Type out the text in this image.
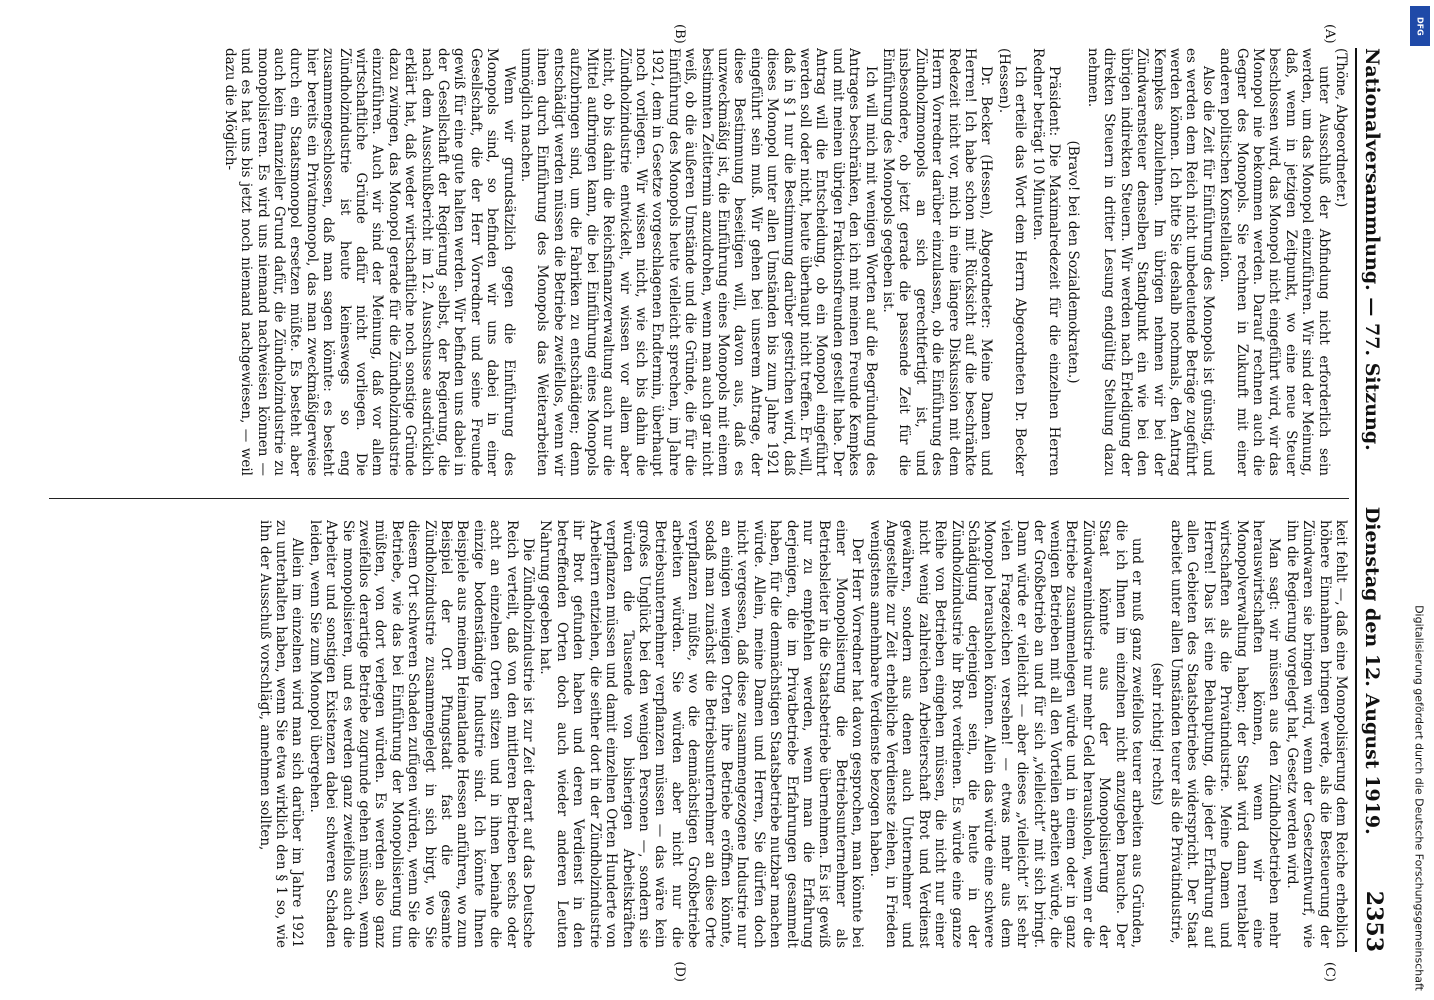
Nationalversammlung. — 77. Sitzung.
Dienstag den 12. August 1919.
2353
(A)
(B)
(C)
(D)

(Thöne, Abgeordneter.)

unter Ausschluß der Abfindung nicht erforderlich sein werden, um das Monopol einzuführen. Wir sind der Meinung, daß, wenn in jetzigen Zeitpunkt, wo eine neue Steuer beschlossen wird, das Monopol nicht eingeführt wird, wir das Monopol nie bekommen werden. Darauf rechnen auch die Gegner des Monopols. Sie rechnen in Zukunft mit einer anderen politischen Konstellation.

Also die Zeit für Einführung des Monopols ist günstig, und es werden dem Reich nicht unbedeutende Beträge zugeführt werden können. Ich bitte Sie deshalb nochmals, den Antrag Kempkes abzulehnen. Im übrigen nehmen wir bei der Zündwarensteuer denselben Standpunkt ein wie bei den übrigen indirekten Steuern. Wir werden nach Erledigung der direkten Steuern in dritter Lesung endgültig Stellung dazu nehmen.

(Bravo! bei den Sozialdemokraten.)

Präsident: Die Maximalredezeit für die einzelnen Herren Redner beträgt 10 Minuten.

Ich erteile das Wort dem Herrn Abgeordneten Dr. Becker (Hessen).

Dr. Becker (Hessen), Abgeordneter: Meine Damen und Herren! Ich habe schon mit Rücksicht auf die beschränkte Redezeit nicht vor, mich in eine längere Diskussion mit dem Herrn Vorredner darüber einzulassen, ob die Einführung des Zündholzmonopols an sich gerechtfertigt ist, und insbesondere, ob jetzt gerade die passende Zeit für die Einführung des Monopols gegeben ist.

Ich will mich mit wenigen Worten auf die Begründung des Antrages beschränken, den ich mit meinen Freunde Kempkes und mit meinen übrigen Fraktionsfreunden gestellt habe. Der Antrag will die Entscheidung, ob ein Monopol eingeführt werden soll oder nicht, heute überhaupt nicht treffen. Er will, daß in § 1 nur die Bestimmung darüber gestrichen wird, daß dieses Monopol unter allen Umständen bis zum Jahre 1921 eingeführt sein muß. Wir gehen bei unserem Antrage, der diese Bestimmung beseitigen will, davon aus, daß es unzweckmäßig ist, die Einführung eines Monopols mit einem bestimmten Zeittermin anzudrohen, wenn man auch gar nicht weiß, ob die äußeren Umstände und die Gründe, die für die Einführung des Monopols heute vielleicht sprechen, im Jahre 1921, dem in Gesetze vorgeschlagenen Endtermin, überhaupt noch vorliegen. Wir wissen nicht, wie sich bis dahin die Zündholzindustrie entwickelt, wir wissen vor allem aber nicht, ob bis dahin die Reichsfinanzverwaltung auch nur die Mittel aufbringen kann, die bei Einführung eines Monopols aufzubringen sind, um die Fabriken zu entschädigen; denn entschädigt werden müssen die Betriebe zweifellos, wenn wir ihnen durch Einführung des Monopols das Weiterarbeiten unmöglich machen.

Wenn wir grundsätzlich gegen die Einführung des Monopols sind, so befinden wir uns dabei in einer Gesellschaft, die der Herr Vorredner und seine Freunde gewiß für eine gute halten werden. Wir befinden uns dabei in der Gesellschaft der Regierung selbst, der Regierung, die nach dem Ausschußbericht im 12. Ausschusse ausdrücklich erklärt hat, daß weder wirtschaftliche noch sonstige Gründe dazu zwingen, das Monopol gerade für die Zündholzindustrie einzuführen. Auch wir sind der Meinung, daß vor allem wirtschaftliche Gründe dafür nicht vorliegen. Die Zündholzindustrie ist heute keineswegs so eng zusammengeschlossen, daß man sagen könnte: es besteht hier bereits ein Privatmonopol, das man zweckmäßigerweise durch ein Staatsmonopol ersetzen müßte. Es besteht aber auch kein finanzieller Grund dafür, die Zündholzindustrie zu monopolisieren. Es wird uns niemand nachweisen können — und es hat uns bis jetzt noch niemand nachgewiesen, — weil dazu die Möglich-

keit fehlt —, daß eine Monopolisierung dem Reiche erheblich höhere Einnahmen bringen werde, als die Besteuerung der Zündwaren sie bringen wird, wenn der Gesetzentwurf, wie ihn die Regierung vorgelegt hat, Gesetz werden wird.

Man sagt: wir müssen aus den Zündholzbetrieben mehr herauswirtschaften können, wenn wir eine Monopolverwaltung haben; der Staat wird dann rentabler wirtschaften als die Privatindustrie. Meine Damen und Herren! Das ist eine Behauptung, die jeder Erfahrung auf allen Gebieten des Staatsbetriebes widerspricht. Der Staat arbeitet unter allen Umständen teurer als die Privatindustrie,

(sehr richtig! rechts)

und er muß ganz zweifellos teurer arbeiten aus Gründen, die ich Ihnen im einzelnen nicht anzugeben brauche. Der Staat könnte aus der Monopolisierung der Zündwarenindustrie nur mehr Geld herausholen, wenn er die Betriebe zusammenlegen würde und in einem oder in ganz wenigen Betrieben mit all den Vorteilen arbeiten würde, die der Großbetrieb an und für sich „vielleicht“ mit sich bringt. Dann würde er vielleicht — aber dieses „vielleicht“ ist sehr vielen Fragezeichen versehen! — etwas mehr aus dem Monopol herausholen können. Allein das würde eine schwere Schädigung derjenigen sein, die heute in der Zündholzindustrie ihr Brot verdienen. Es würde eine ganze Reihe von Betrieben eingehen müssen, die nicht nur einer nicht wenig zahlreichen Arbeiterschaft Brot und Verdienst gewähren, sondern aus denen auch Unternehmer und Angestellte zur Zeit erhebliche Verdienste ziehen, in Frieden wenigstens annehmbare Verdienste bezogen haben.

Der Herr Vorredner hat davon gesprochen, man könnte bei einer Monopolisierung die Betriebsunternehmer als Betriebsleiter in die Staatsbetriebe übernehmen. Es ist gewiß nur zu empfehlen werden, wenn man die Erfahrung derjenigen, die im Privatbetriebe Erfahrungen gesammelt haben, für die demnächstigen Staatsbetriebe nutzbar machen würde. Allein, meine Damen und Herren, Sie dürfen doch nicht vergessen, daß diese zusammengezogene Industrie nur an einigen wenigen Orten ihre Betriebe eröffnen könnte, sodaß man zunächst die Betriebsunternehmer an diese Orte verpflanzen müßte, wo die demnächstigen Großbetriebe arbeiten würden. Sie würden aber nicht nur die Betriebsunternehmer verpflanzen müssen — das wäre kein großes Unglück bei den wenigen Personen —, sondern sie würden die Tausende von bisherigen Arbeitskräften verpflanzen müssen und damit einzelnen Orten Hunderte von Arbeitern entziehen, die seither dort in der Zündholzindustrie ihr Brot gefunden haben und deren Verdienst in den betreffenden Orten doch auch wieder anderen Leuten Nahrung gegeben hat.

Die Zündholzindustrie ist zur Zeit derart auf das Deutsche Reich verteilt, daß von den mittleren Betrieben sechs oder acht an einzelnen Orten sitzen und in ihnen beinahe die einzige bodenständige Industrie sind. Ich könnte Ihnen Beispiele aus meinem Heimatlande Hessen anführen, wo zum Beispiel der Ort Pfungstadt fast die gesamte Zündholzindustrie zusammengelegt in sich birgt, wo Sie diesem Ort schweren Schaden zufügen würden, wenn Sie die Betriebe, wie das bei Einführung der Monopolisierung tun müßten, von dort verlegen würden. Es werden also ganz zweifellos derartige Betriebe zugrunde gehen müssen, wenn Sie monopolisieren, und es werden ganz zweifellos auch die Arbeiter und sonstigen Existenzen dabei schweren Schaden leiden, wenn Sie zum Monopol übergehen.

Allein im einzelnen wird man sich darüber im Jahre 1921 zu unterhalten haben, wenn Sie etwa wirklich den § 1 so, wie ihn der Ausschuß vorschlägt, annehmen sollten,	Digitalisierung gefördert durch die Deutsche Forschungsgemeinschaft
DFG
